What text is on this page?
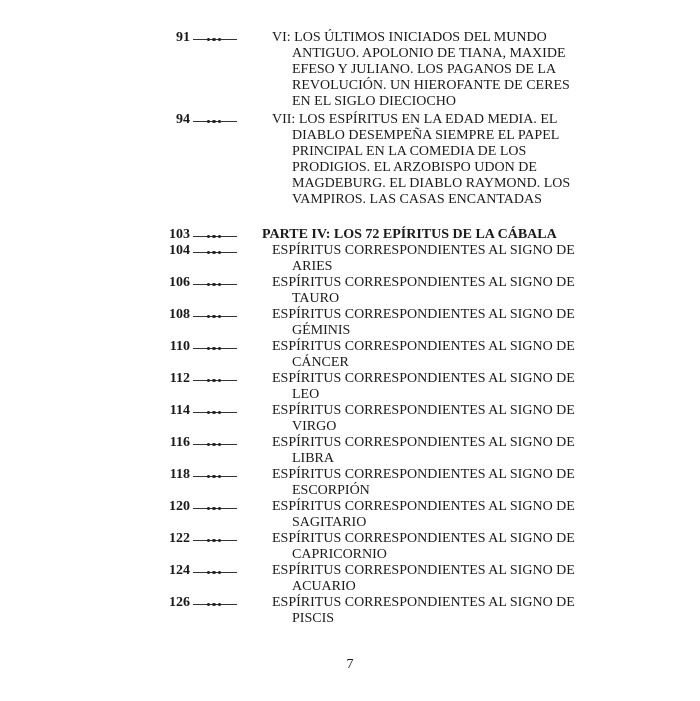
91	VI: LOS ÚLTIMOS INICIADOS DEL MUNDO ANTIGUO. APOLONIO DE TIANA, MAXIDE EFESO Y JULIANO. LOS PAGANOS DE LA REVOLUCIÓN. UN HIEROFANTE DE CERES EN EL SIGLO DIECIOCHO
94	VII: LOS ESPÍRITUS EN LA EDAD MEDIA. EL DIABLO DESEMPEÑA SIEMPRE EL PAPEL PRINCIPAL EN LA COMEDIA DE LOS PRODIGIOS. EL ARZOBISPO UDON DE MAGDEBURG. EL DIABLO RAYMOND. LOS VAMPIROS. LAS CASAS ENCANTADAS
103	PARTE IV: LOS 72 EPÍRITUS DE LA CÁBALA
104	ESPÍRITUS CORRESPONDIENTES AL SIGNO DE ARIES
106	ESPÍRITUS CORRESPONDIENTES AL SIGNO DE TAURO
108	ESPÍRITUS CORRESPONDIENTES AL SIGNO DE GÉMINIS
110	ESPÍRITUS CORRESPONDIENTES AL SIGNO DE CÁNCER
112	ESPÍRITUS CORRESPONDIENTES AL SIGNO DE LEO
114	ESPÍRITUS CORRESPONDIENTES AL SIGNO DE VIRGO
116	ESPÍRITUS CORRESPONDIENTES AL SIGNO DE LIBRA
118	ESPÍRITUS CORRESPONDIENTES AL SIGNO DE ESCORPIÓN
120	ESPÍRITUS CORRESPONDIENTES AL SIGNO DE SAGITARIO
122	ESPÍRITUS CORRESPONDIENTES AL SIGNO DE CAPRICORNIO
124	ESPÍRITUS CORRESPONDIENTES AL SIGNO DE ACUARIO
126	ESPÍRITUS CORRESPONDIENTES AL SIGNO DE PISCIS
7
